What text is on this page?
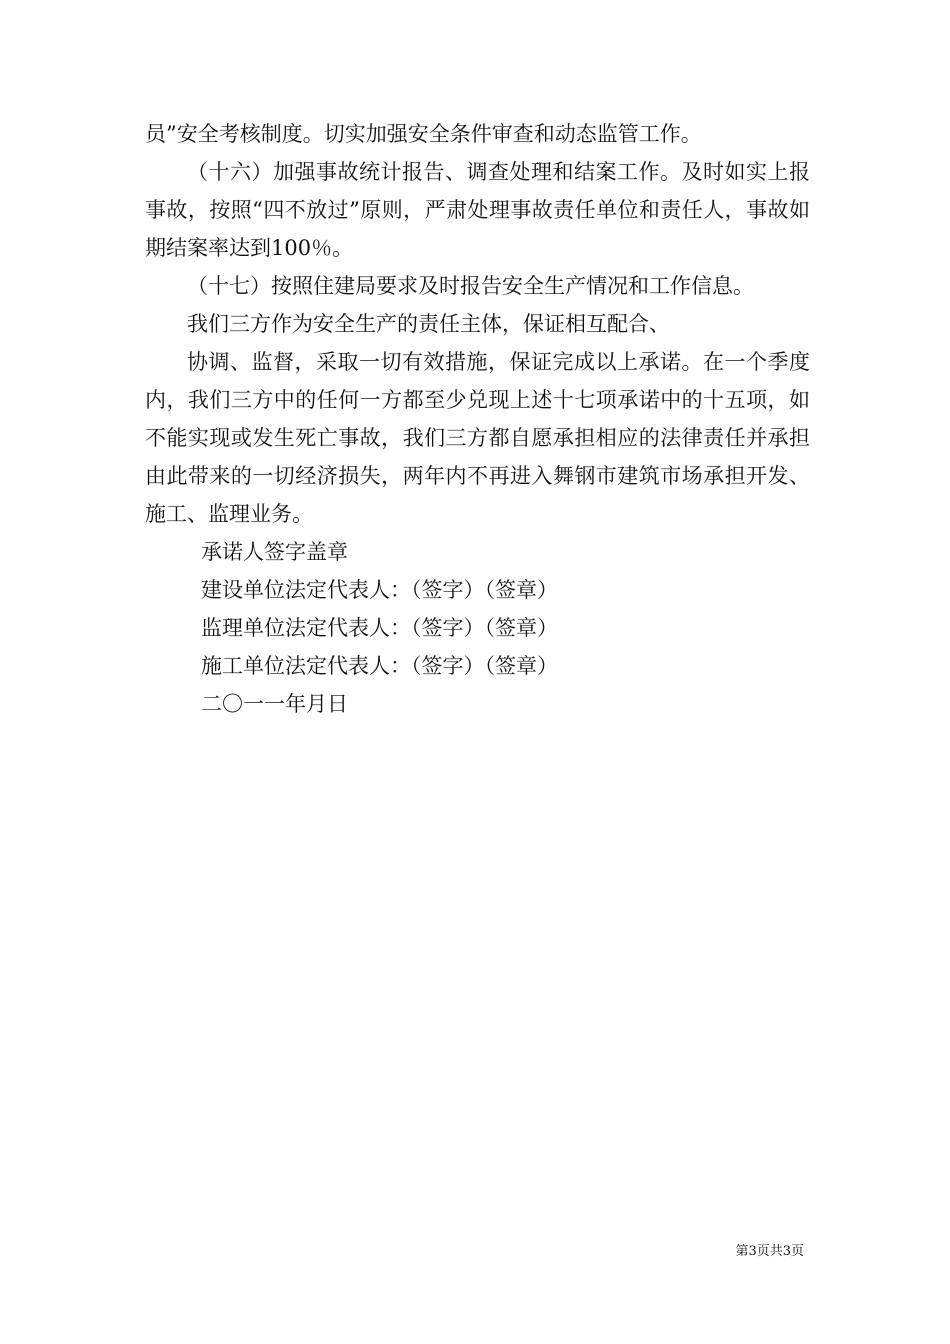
员”安全考核制度。切实加强安全条件审查和动态监管工作。

（十六）加强事故统计报告、调查处理和结案工作。及时如实上报事故，按照“四不放过”原则，严肃处理事故责任单位和责任人，事故如期结案率达到100％。

（十七）按照住建局要求及时报告安全生产情况和工作信息。

我们三方作为安全生产的责任主体，保证相互配合、

协调、监督，采取一切有效措施，保证完成以上承诺。在一个季度内，我们三方中的任何一方都至少兑现上述十七项承诺中的十五项，如不能实现或发生死亡事故，我们三方都自愿承担相应的法律责任并承担由此带来的一切经济损失，两年内不再进入舞钢市建筑市场承担开发、施工、监理业务。

承诺人签字盖章

建设单位法定代表人：（签字）（签章）

监理单位法定代表人：（签字）（签章）

施工单位法定代表人：（签字）（签章）

二〇一一年月日

第3页共3页
